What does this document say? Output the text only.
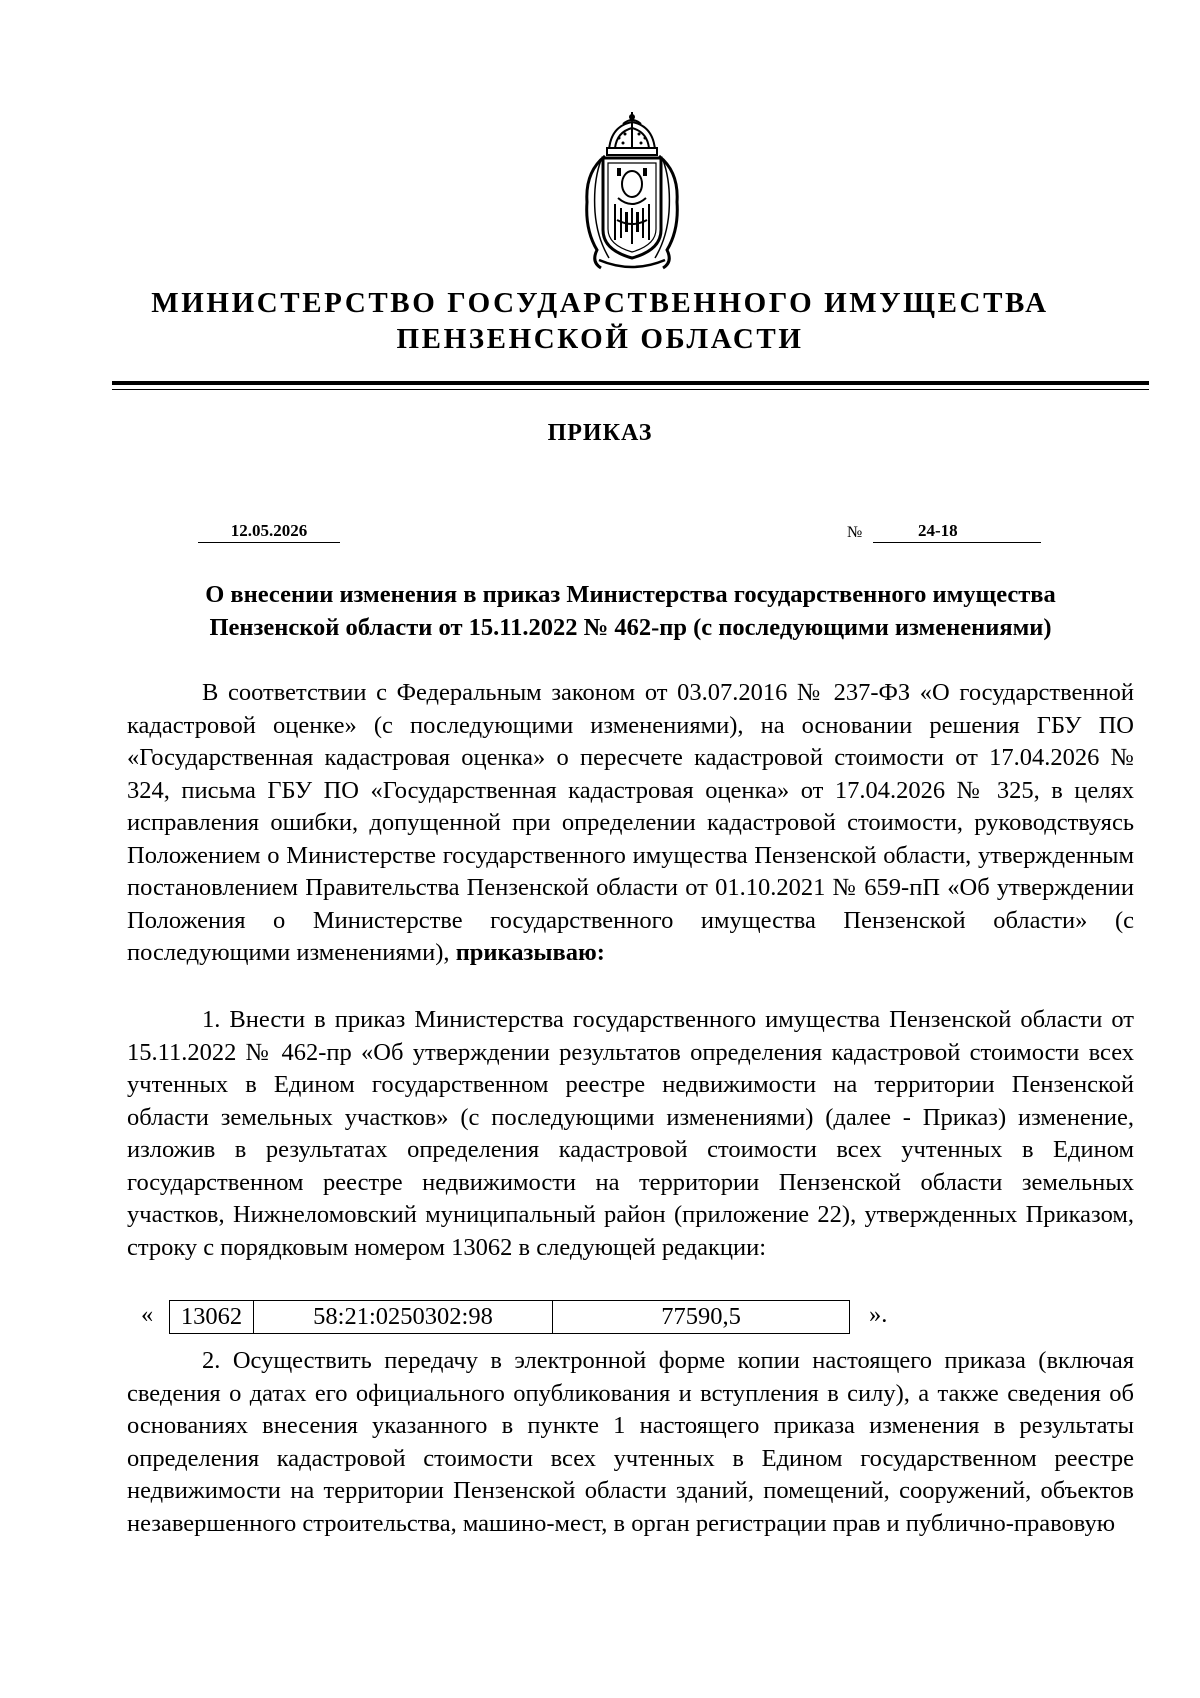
МИНИСТЕРСТВО ГОСУДАРСТВЕННОГО ИМУЩЕСТВА
ПЕНЗЕНСКОЙ ОБЛАСТИ
ПРИКАЗ
12.05.2026	№	24-18
О внесении изменения в приказ Министерства государственного имущества
Пензенской области от 15.11.2022 № 462-пр (с последующими изменениями)

В соответствии с Федеральным законом от 03.07.2016 № 237-ФЗ «О государственной кадастровой оценке» (с последующими изменениями), на основании решения ГБУ ПО «Государственная кадастровая оценка» о пересчете кадастровой стоимости от 17.04.2026 № 324, письма ГБУ ПО «Государственная кадастровая оценка» от 17.04.2026 № 325, в целях исправления ошибки, допущенной при определении кадастровой стоимости, руководствуясь Положением о Министерстве государственного имущества Пензенской области, утвержденным постановлением Правительства Пензенской области от 01.10.2021 № 659-пП «Об утверждении Положения о Министерстве государственного имущества Пензенской области» (с последующими изменениями), приказываю:

1. Внести в приказ Министерства государственного имущества Пензенской области от 15.11.2022 № 462-пр «Об утверждении результатов определения кадастровой стоимости всех учтенных в Едином государственном реестре недвижимости на территории Пензенской области земельных участков» (с последующими изменениями) (далее - Приказ) изменение, изложив в результатах определения кадастровой стоимости всех учтенных в Едином государственном реестре недвижимости на территории Пензенской области земельных участков, Нижнеломовский муниципальный район (приложение 22), утвержденных Приказом, строку с порядковым номером 13062 в следующей редакции:

« 13062	58:21:0250302:98	77590,5	».

2. Осуществить передачу в электронной форме копии настоящего приказа (включая сведения о датах его официального опубликования и вступления в силу), а также сведения об основаниях внесения указанного в пункте 1 настоящего приказа изменения в результаты определения кадастровой стоимости всех учтенных в Едином государственном реестре недвижимости на территории Пензенской области зданий, помещений, сооружений, объектов незавершенного строительства, машино-мест, в орган регистрации прав и публично-правовую
